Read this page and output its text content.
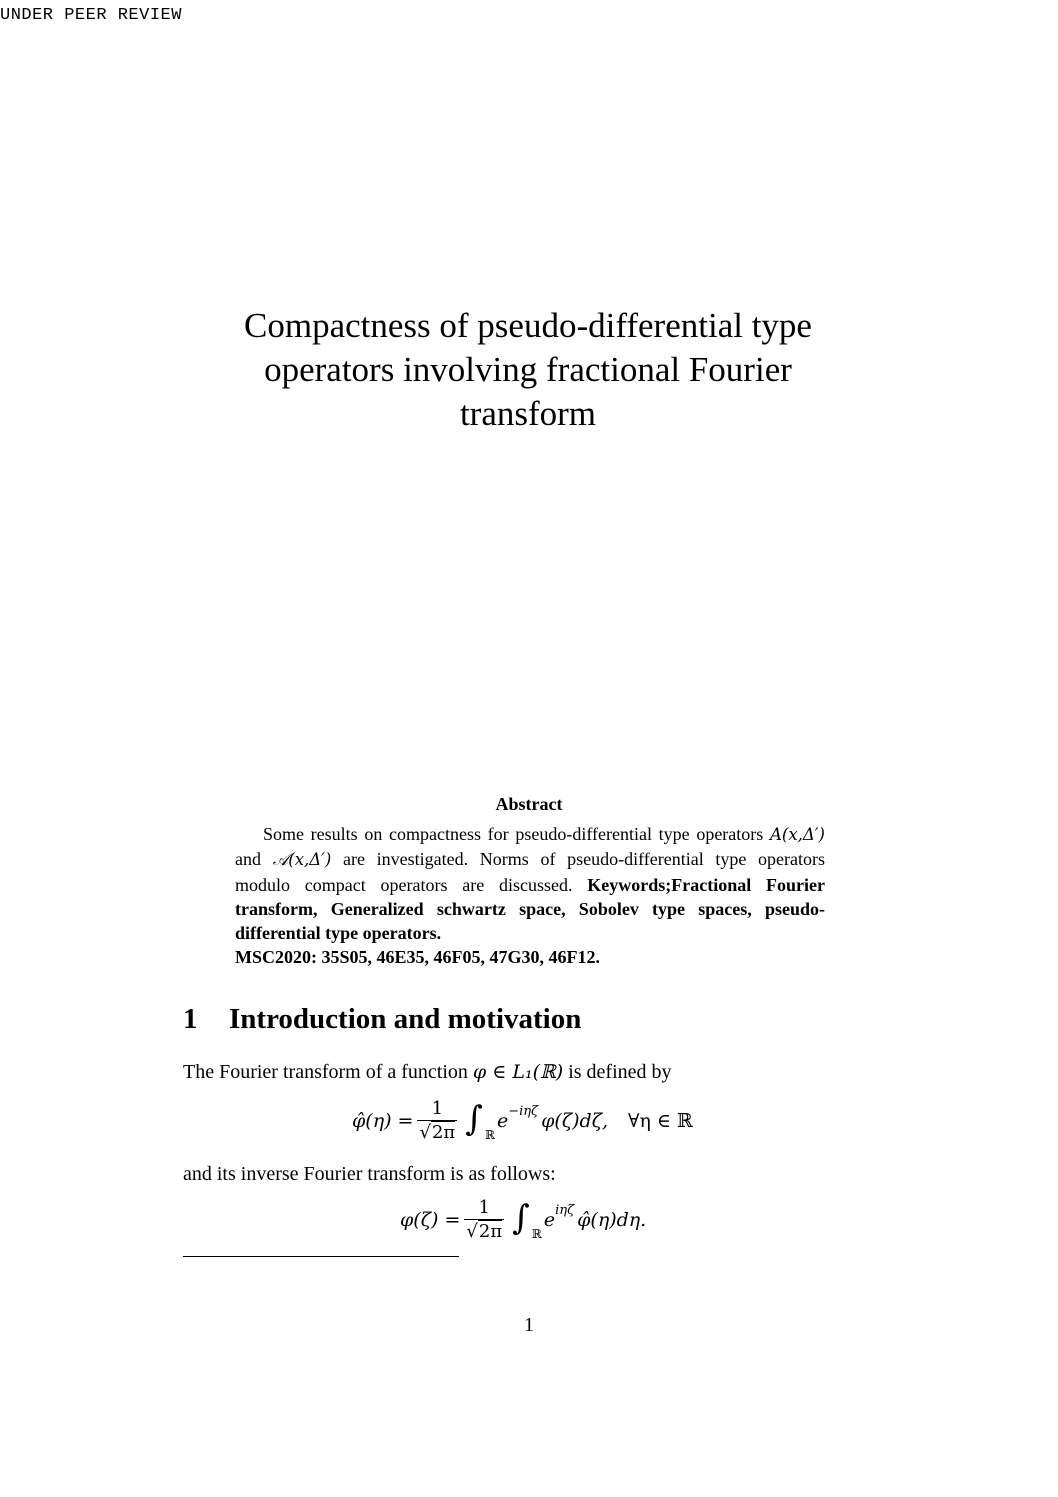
UNDER PEER REVIEW
Compactness of pseudo-differential type operators involving fractional Fourier transform
Abstract
Some results on compactness for pseudo-differential type operators A(x,Δ′) and 𝒜(x,Δ′) are investigated. Norms of pseudo-differential type operators modulo compact operators are discussed. Keywords;Fractional Fourier transform, Generalized schwartz space, Sobolev type spaces, pseudo-differential type operators.
MSC2020: 35S05, 46E35, 46F05, 47G30, 46F12.
1 Introduction and motivation
The Fourier transform of a function φ ∈ L₁(ℝ) is defined by
φ̂(η) = $\frac{1}{√2\pi}$ ∫ ℝ
e −iηζ φ(ζ)dζ, ∀η ∈ ℝ
and its inverse Fourier transform is as follows:
$\varphi(\zeta) = \frac{1}{√2\pi}$ ∫ ℝ
e iηζ φ̂(η)dη.
1
